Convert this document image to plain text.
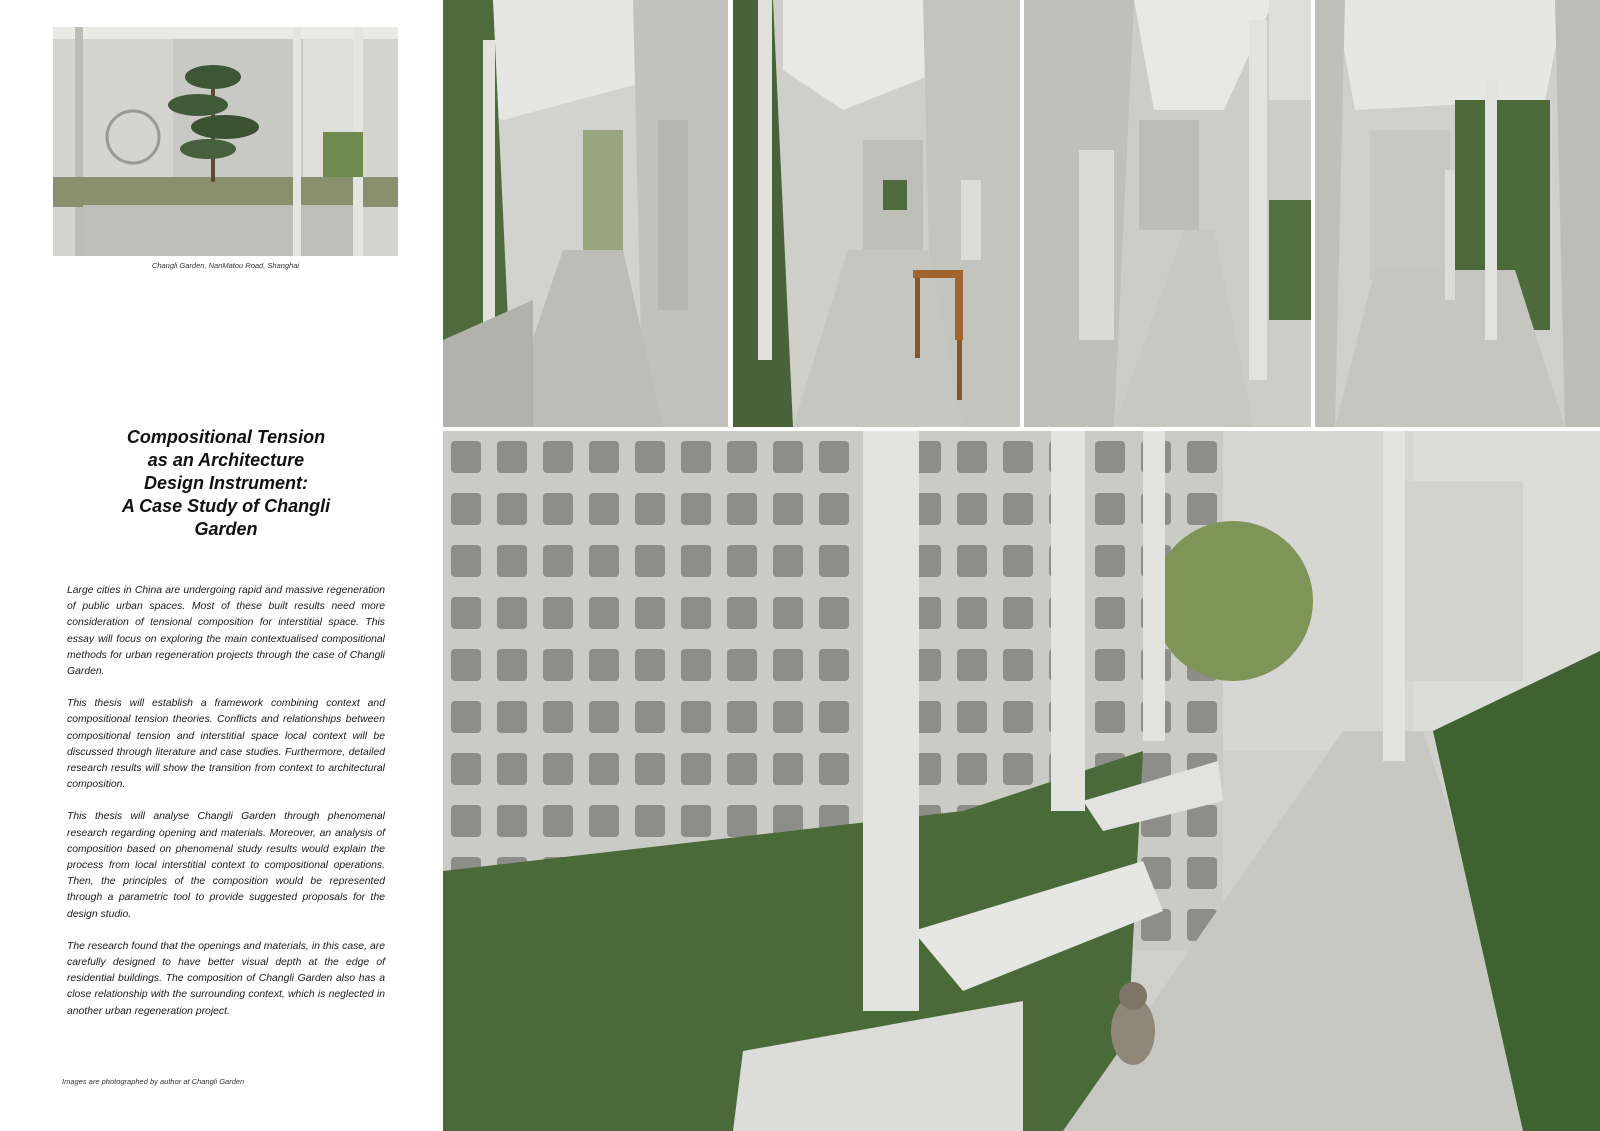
Changli Garden, NanMatou Road, Shanghai
Compositional Tension
as an Architecture
Design Instrument:
A Case Study of Changli
Garden

Large cities in China are undergoing rapid and massive regeneration of public urban spaces. Most of these built results need more consideration of tensional composition for interstitial space. This essay will focus on exploring the main contextualised compositional methods for urban regeneration projects through the case of Changli Garden.

This thesis will establish a framework combining context and compositional tension theories. Conflicts and relationships between compositional tension and interstitial space local context will be discussed through literature and case studies. Furthermore, detailed research results will show the transition from context to architectural composition.

This thesis will analyse Changli Garden through phenomenal research regarding opening and materials. Moreover, an analysis of composition based on phenomenal study results would explain the process from local interstitial context to compositional operations. Then, the principles of the composition would be represented through a parametric tool to provide suggested proposals for the design studio.

The research found that the openings and materials, in this case, are carefully designed to have better visual depth at the edge of residential buildings. The composition of Changli Garden also has a close relationship with the surrounding context, which is neglected in another urban regeneration project.

Images are photographed by author at Changli Garden
